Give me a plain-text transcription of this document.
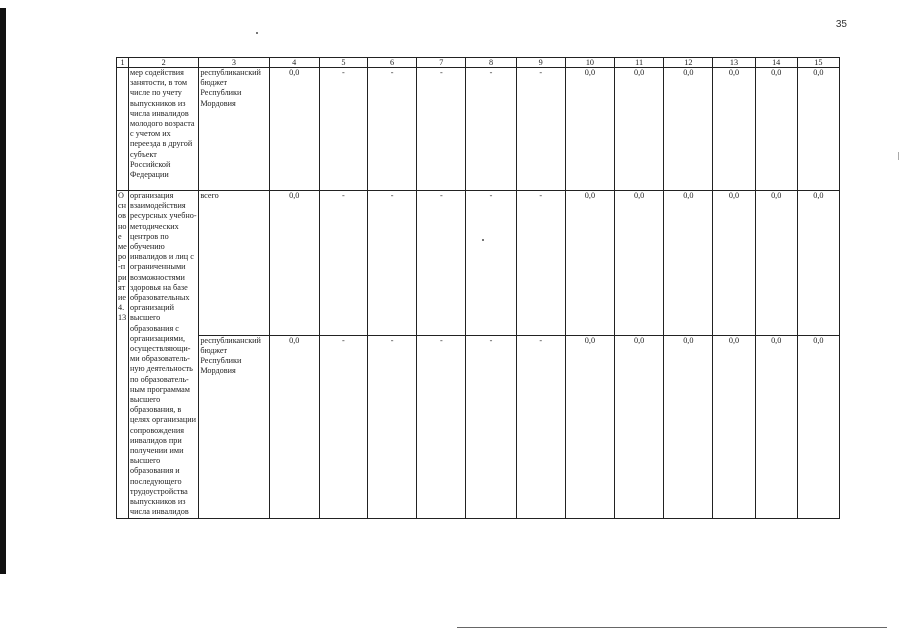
35
1	2	3	4	5	6	7	8	9	10	11	12	13	14	15
	мер содействия занятости, в том числе по учету выпускников из числа инвалидов молодого возраста с учетом их переезда в другой субъект Российской Федерации	республиканский бюджет Республики Мордовия	0,0	-	-	-	-	-	0,0	0,0	0,0	0,0	0,0	0,0
Основное меро-приятие 4.13	организация взаимодействия ресурсных учебно-методических центров по обучению инвалидов и лиц с ограниченными возможностями здоровья на базе образовательных организаций высшего образования с организациями, осуществляющи-ми образователь-ную деятельность по образователь-ным программам высшего образования, в целях организации сопровождения инвалидов при получении ими высшего образования и последующего трудоустройства выпускников из числа инвалидов	всего	0,0	-	-	-	-	-	0,0	0,0	0,0	0,0	0,0	0,0
		республиканский бюджет Республики Мордовия	0,0	-	-	-	-	-	0,0	0,0	0,0	0,0	0,0	0,0
